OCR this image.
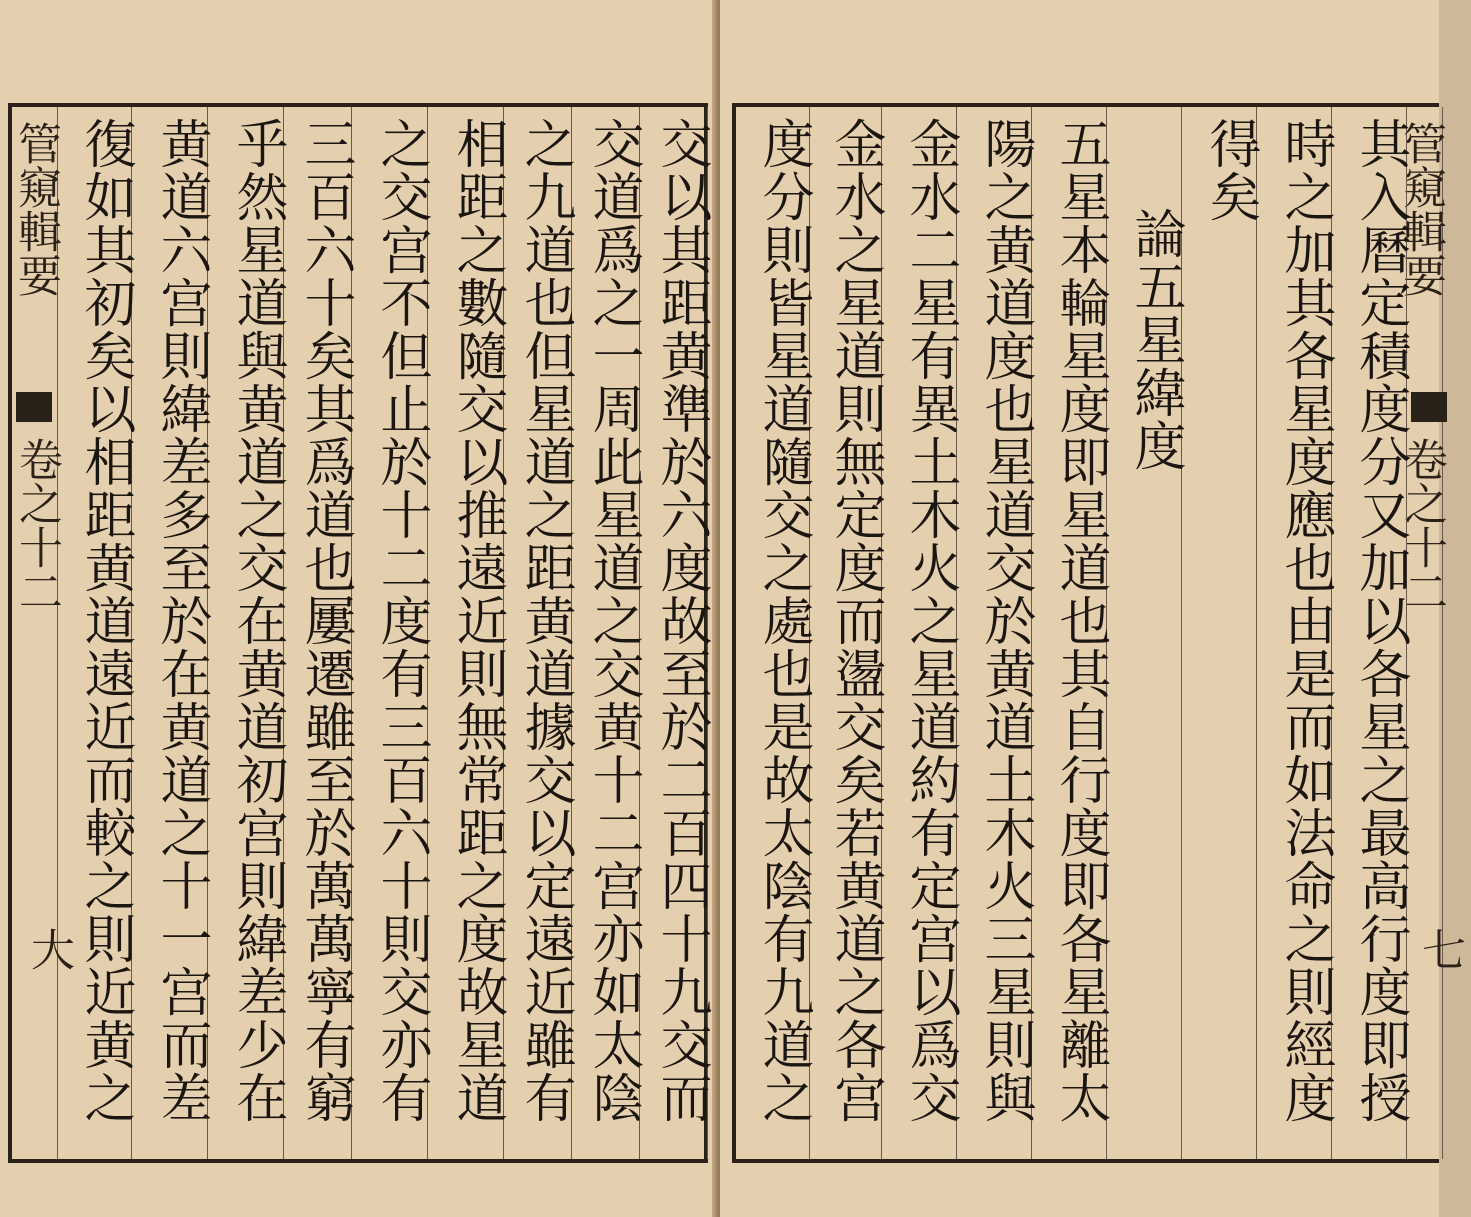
交以其距黄準於六度故至於二百四十九交而
交道爲之一周此星道之交黄十二宫亦如太陰
之九道也但星道之距黄道據交以定遠近雖有
相距之數隨交以推遠近則無常距之度故星道
之交宫不但止於十二度有三百六十則交亦有
三百六十矣其爲道也屢遷雖至於萬萬寧有窮
乎然星道與黄道之交在黄道初宫則緯差少在
黄道六宫則緯差多至於在黄道之十一宫而差
復如其初矣以相距黄道遠近而較之則近黄之
管窺輯要
卷之十二
大
管窺輯要
卷之十二
七
其入曆定積度分又加以各星之最高行度即授
時之加其各星度應也由是而如法命之則經度
得矣
論五星緯度
五星本輪星度即星道也其自行度即各星離太
陽之黄道度也星道交於黄道土木火三星則與
金水二星有異土木火之星道約有定宫以爲交
金水之星道則無定度而盪交矣若黄道之各宫
度分則皆星道隨交之處也是故太陰有九道之
